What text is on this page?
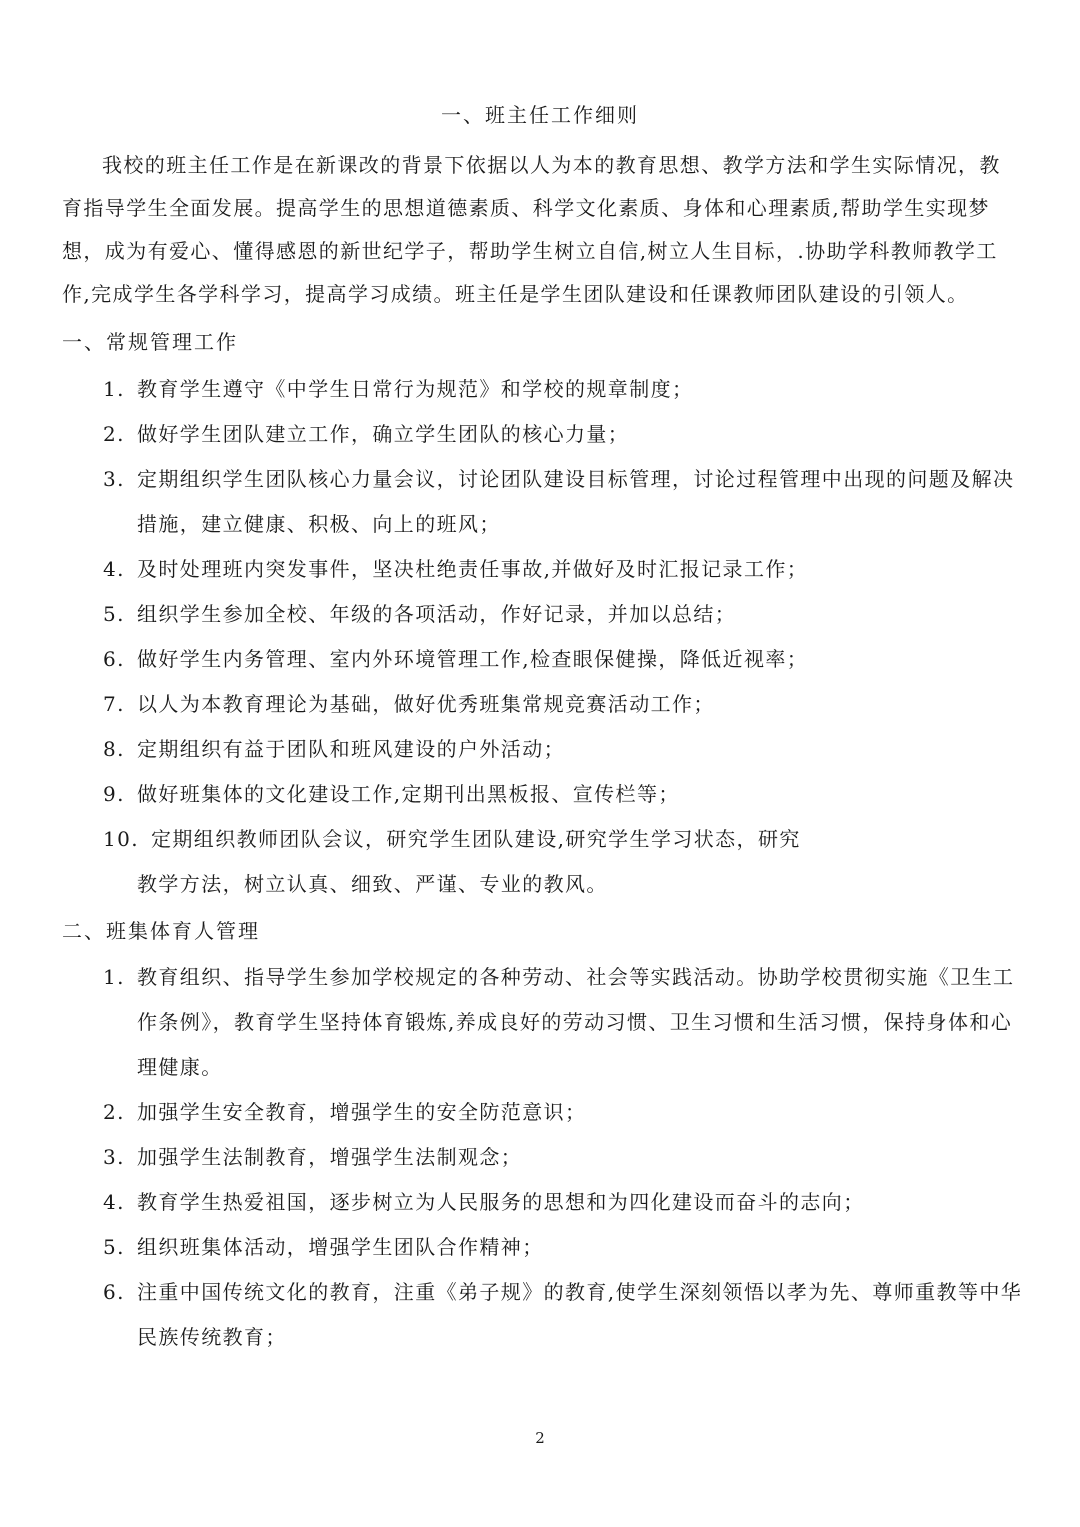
一、班主任工作细则

我校的班主任工作是在新课改的背景下依据以人为本的教育思想、教学方法和学生实际情况，教育指导学生全面发展。提高学生的思想道德素质、科学文化素质、身体和心理素质,帮助学生实现梦想，成为有爱心、懂得感恩的新世纪学子，帮助学生树立自信,树立人生目标，.协助学科教师教学工作,完成学生各学科学习，提高学习成绩。班主任是学生团队建设和任课教师团队建设的引领人。

一、常规管理工作

1. 教育学生遵守《中学生日常行为规范》和学校的规章制度；
2. 做好学生团队建立工作，确立学生团队的核心力量；
3. 定期组织学生团队核心力量会议，讨论团队建设目标管理，讨论过程管理中出现的问题及解决措施，建立健康、积极、向上的班风；
4. 及时处理班内突发事件，坚决杜绝责任事故,并做好及时汇报记录工作；
5. 组织学生参加全校、年级的各项活动，作好记录，并加以总结；
6. 做好学生内务管理、室内外环境管理工作,检查眼保健操，降低近视率；
7. 以人为本教育理论为基础，做好优秀班集常规竞赛活动工作；
8. 定期组织有益于团队和班风建设的户外活动；
9. 做好班集体的文化建设工作,定期刊出黑板报、宣传栏等；
10. 定期组织教师团队会议，研究学生团队建设,研究学生学习状态，研究
教学方法，树立认真、细致、严谨、专业的教风。

二、班集体育人管理

1. 教育组织、指导学生参加学校规定的各种劳动、社会等实践活动。协助学校贯彻实施《卫生工作条例》，教育学生坚持体育锻炼,养成良好的劳动习惯、卫生习惯和生活习惯，保持身体和心理健康。
2. 加强学生安全教育，增强学生的安全防范意识；
3. 加强学生法制教育，增强学生法制观念；
4. 教育学生热爱祖国，逐步树立为人民服务的思想和为四化建设而奋斗的志向；
5. 组织班集体活动，增强学生团队合作精神；
6. 注重中国传统文化的教育，注重《弟子规》的教育,使学生深刻领悟以孝为先、尊师重教等中华民族传统教育；
2
